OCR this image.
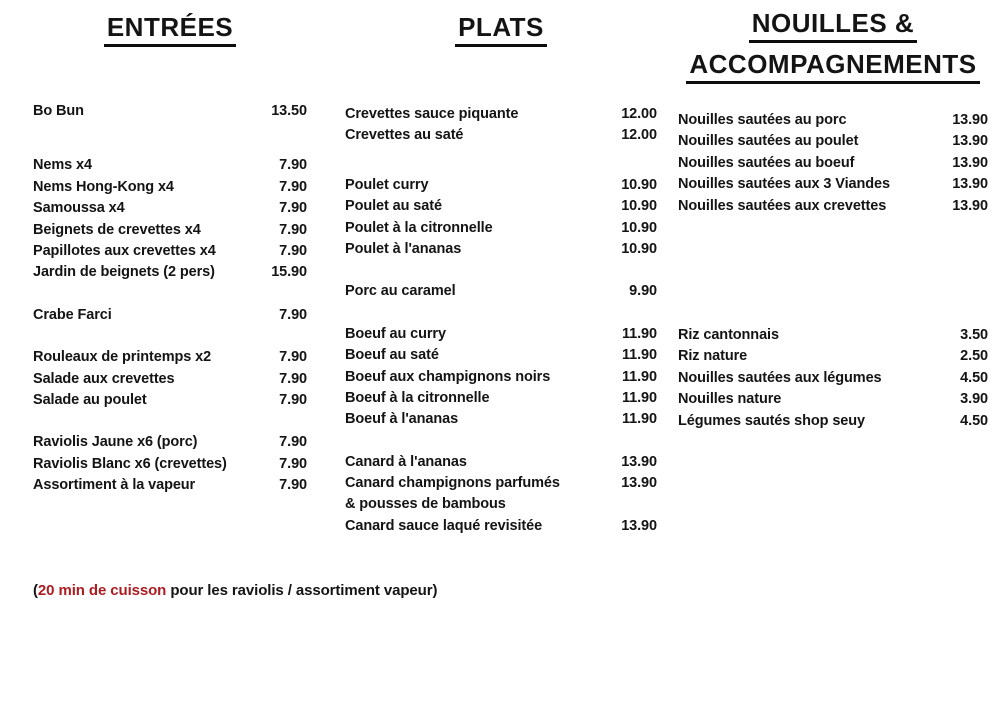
ENTRÉES
Bo Bun	13.50
Nems x4	7.90
Nems Hong-Kong x4	7.90
Samoussa x4	7.90
Beignets de crevettes x4	7.90
Papillotes aux crevettes x4	7.90
Jardin de beignets (2 pers)	15.90
Crabe Farci	7.90
Rouleaux de printemps x2	7.90
Salade aux crevettes	7.90
Salade au poulet	7.90
Raviolis Jaune x6 (porc)	7.90
Raviolis Blanc x6 (crevettes)	7.90
Assortiment à la vapeur	7.90
PLATS
Crevettes sauce piquante	12.00
Crevettes au saté	12.00
Poulet curry	10.90
Poulet au saté	10.90
Poulet à la citronnelle	10.90
Poulet à l'ananas	10.90
Porc au caramel	9.90
Boeuf au curry	11.90
Boeuf au saté	11.90
Boeuf aux champignons noirs	11.90
Boeuf à la citronnelle	11.90
Boeuf à l'ananas	11.90
Canard à l'ananas	13.90
Canard champignons parfumés	13.90
& pousses de bambous
Canard sauce laqué revisitée	13.90
NOUILLES &
ACCOMPAGNEMENTS
Nouilles sautées au porc	13.90
Nouilles sautées au poulet	13.90
Nouilles sautées au boeuf	13.90
Nouilles sautées aux 3 Viandes	13.90
Nouilles sautées aux crevettes	13.90
Riz cantonnais	3.50
Riz nature	2.50
Nouilles sautées aux légumes	4.50
Nouilles nature	3.90
Légumes sautés shop seuy	4.50

(20 min de cuisson pour les raviolis / assortiment vapeur)
